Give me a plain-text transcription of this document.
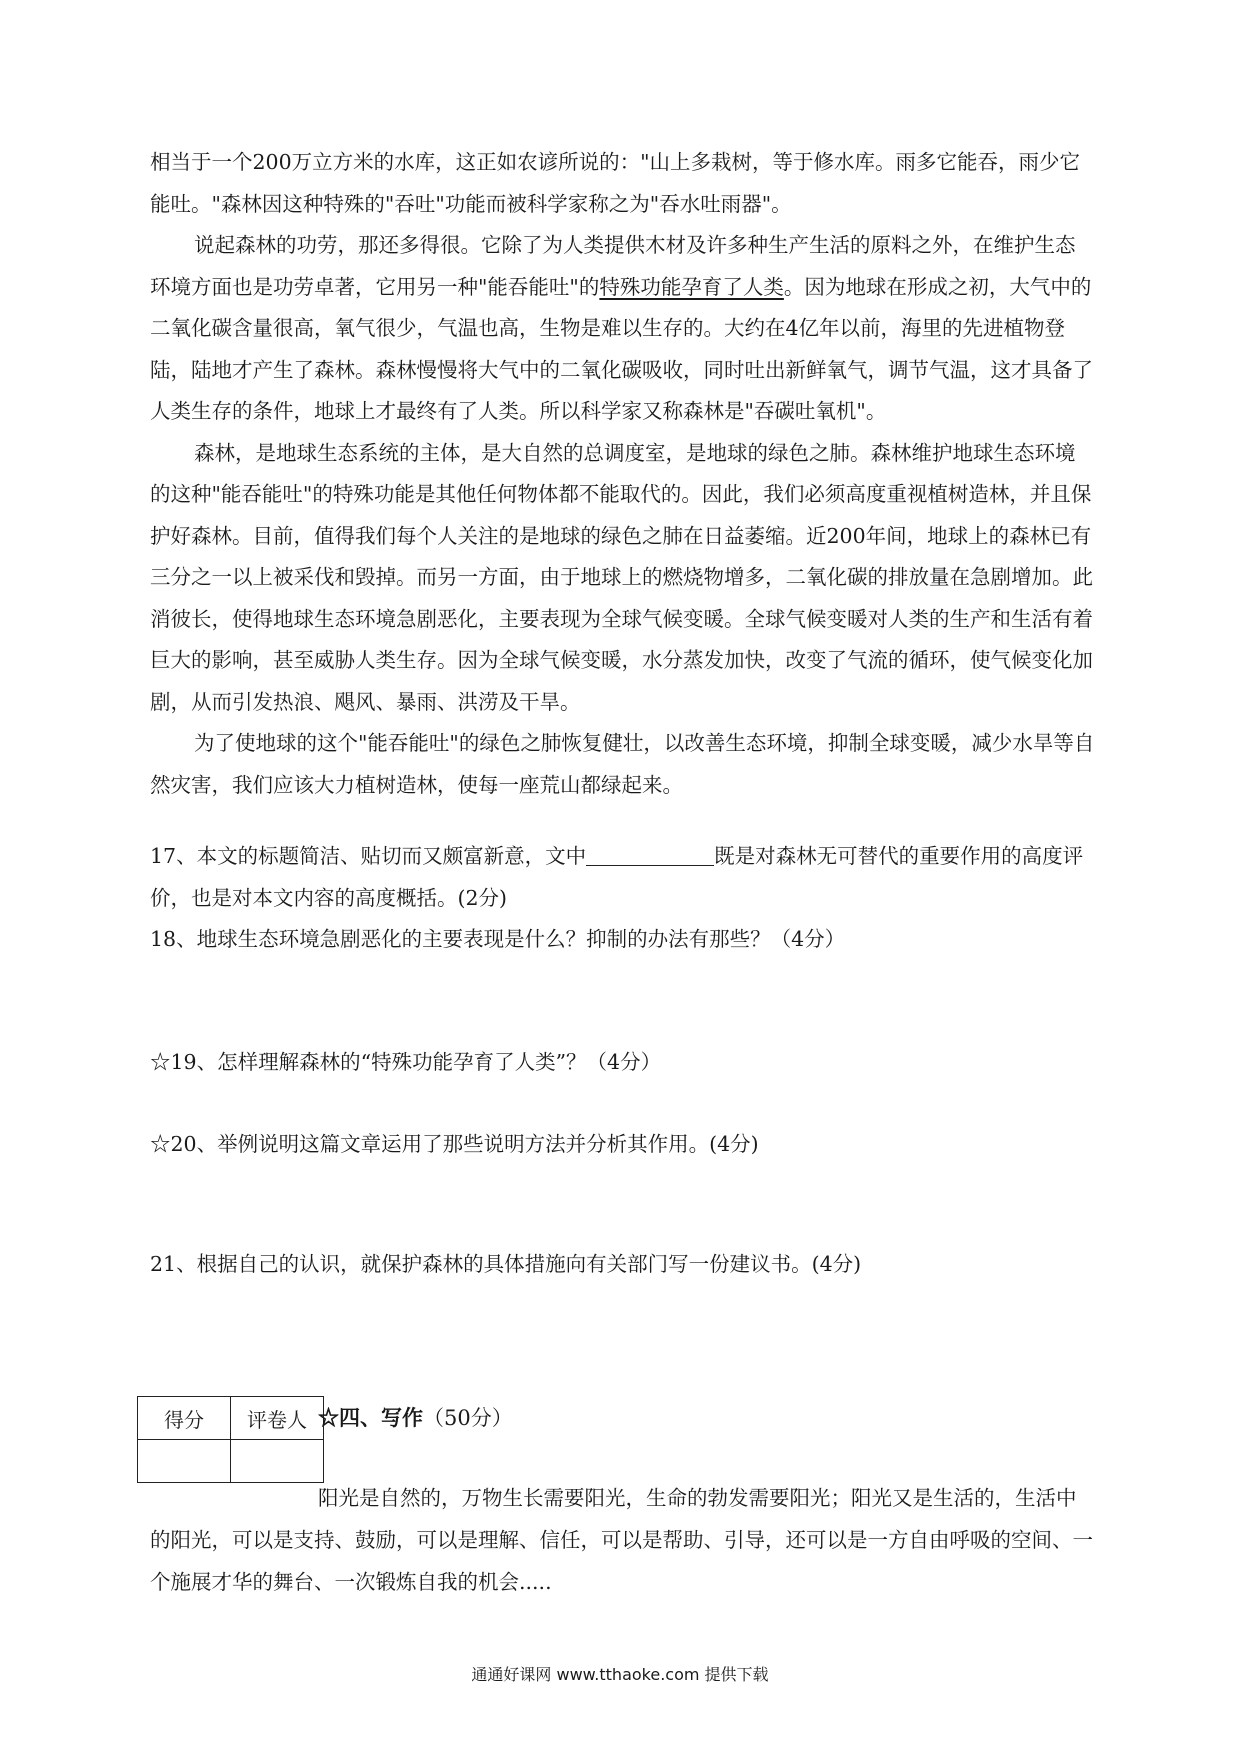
相当于一个200万立方米的水库，这正如农谚所说的："山上多栽树，等于修水库。雨多它能吞，雨少它能吐。"森林因这种特殊的"吞吐"功能而被科学家称之为"吞水吐雨器"。

说起森林的功劳，那还多得很。它除了为人类提供木材及许多种生产生活的原料之外，在维护生态环境方面也是功劳卓著，它用另一种"能吞能吐"的特殊功能孕育了人类。因为地球在形成之初，大气中的二氧化碳含量很高，氧气很少，气温也高，生物是难以生存的。大约在4亿年以前，海里的先进植物登陆，陆地才产生了森林。森林慢慢将大气中的二氧化碳吸收，同时吐出新鲜氧气，调节气温，这才具备了人类生存的条件，地球上才最终有了人类。所以科学家又称森林是"吞碳吐氧机"。

森林，是地球生态系统的主体，是大自然的总调度室，是地球的绿色之肺。森林维护地球生态环境的这种"能吞能吐"的特殊功能是其他任何物体都不能取代的。因此，我们必须高度重视植树造林，并且保护好森林。目前，值得我们每个人关注的是地球的绿色之肺在日益萎缩。近200年间，地球上的森林已有三分之一以上被采伐和毁掉。而另一方面，由于地球上的燃烧物增多，二氧化碳的排放量在急剧增加。此消彼长，使得地球生态环境急剧恶化，主要表现为全球气候变暖。全球气候变暖对人类的生产和生活有着巨大的影响，甚至威胁人类生存。因为全球气候变暖，水分蒸发加快，改变了气流的循环，使气候变化加剧，从而引发热浪、飓风、暴雨、洪涝及干旱。

为了使地球的这个"能吞能吐"的绿色之肺恢复健壮，以改善生态环境，抑制全球变暖，减少水旱等自然灾害，我们应该大力植树造林，使每一座荒山都绿起来。

17、本文的标题简洁、贴切而又颇富新意，文中	既是对森林无可替代的重要作用的高度评价，也是对本文内容的高度概括。(2分)

18、地球生态环境急剧恶化的主要表现是什么？抑制的办法有那些？（4分）

☆19、怎样理解森林的“特殊功能孕育了人类”？（4分）

☆20、举例说明这篇文章运用了那些说明方法并分析其作用。(4分)

21、根据自己的认识，就保护森林的具体措施向有关部门写一份建议书。(4分)

得分	评卷人
	☆四、写作（50分）

阳光是自然的，万物生长需要阳光，生命的勃发需要阳光；阳光又是生活的，生活中的阳光，可以是支持、鼓励，可以是理解、信任，可以是帮助、引导，还可以是一方自由呼吸的空间、一个施展才华的舞台、一次锻炼自我的机会.....

通通好课网 www.tthaoke.com 提供下载
